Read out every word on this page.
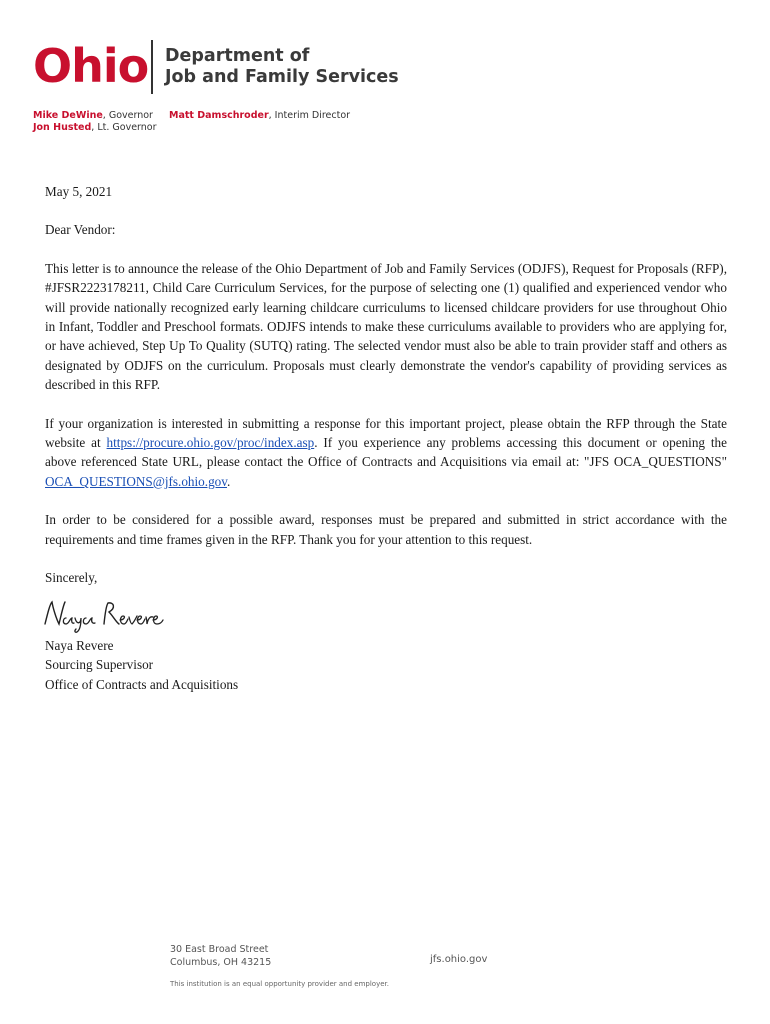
Ohio Department of
Job and Family Services
Mike DeWine, Governor
Jon Husted, Lt. Governor
Matt Damschroder, Interim Director

May 5, 2021

Dear Vendor:

This letter is to announce the release of the Ohio Department of Job and Family Services (ODJFS), Request for Proposals (RFP), #JFSR2223178211, Child Care Curriculum Services, for the purpose of selecting one (1) qualified and experienced vendor who will provide nationally recognized early learning childcare curriculums to licensed childcare providers for use throughout Ohio in Infant, Toddler and Preschool formats. ODJFS intends to make these curriculums available to providers who are applying for, or have achieved, Step Up To Quality (SUTQ) rating. The selected vendor must also be able to train provider staff and others as designated by ODJFS on the curriculum. Proposals must clearly demonstrate the vendor's capability of providing services as described in this RFP.

If your organization is interested in submitting a response for this important project, please obtain the RFP through the State website at https://procure.ohio.gov/proc/index.asp. If you experience any problems accessing this document or opening the above referenced State URL, please contact the Office of Contracts and Acquisitions via email at: "JFS OCA_QUESTIONS" OCA_QUESTIONS@jfs.ohio.gov.

In order to be considered for a possible award, responses must be prepared and submitted in strict accordance with the requirements and time frames given in the RFP. Thank you for your attention to this request.

Sincerely,

Naya Revere
Sourcing Supervisor
Office of Contracts and Acquisitions
30 East Broad Street
Columbus, OH 43215	jfs.ohio.gov
This institution is an equal opportunity provider and employer.
